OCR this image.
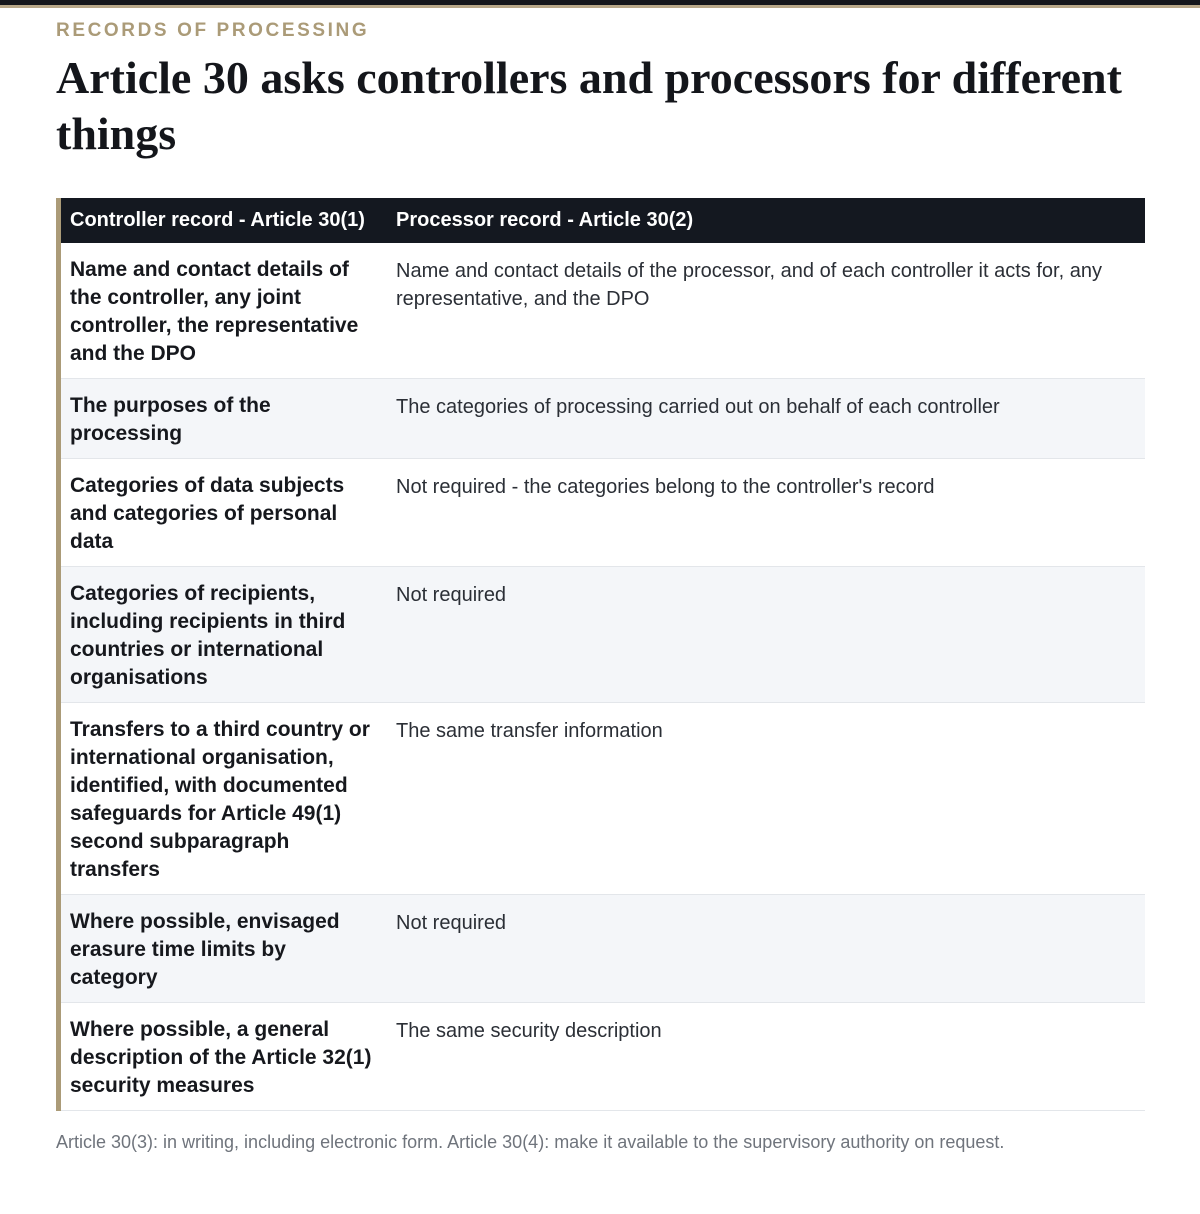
RECORDS OF PROCESSING
Article 30 asks controllers and processors for different things
Controller record - Article 30(1)	Processor record - Article 30(2)
Name and contact details of the controller, any joint controller, the representative and the DPO	Name and contact details of the processor, and of each controller it acts for, any representative, and the DPO
The purposes of the processing	The categories of processing carried out on behalf of each controller
Categories of data subjects and categories of personal data	Not required - the categories belong to the controller's record
Categories of recipients, including recipients in third countries or international organisations	Not required
Transfers to a third country or international organisation, identified, with documented safeguards for Article 49(1) second subparagraph transfers	The same transfer information
Where possible, envisaged erasure time limits by category	Not required
Where possible, a general description of the Article 32(1) security measures	The same security description
Article 30(3): in writing, including electronic form. Article 30(4): make it available to the supervisory authority on request.
